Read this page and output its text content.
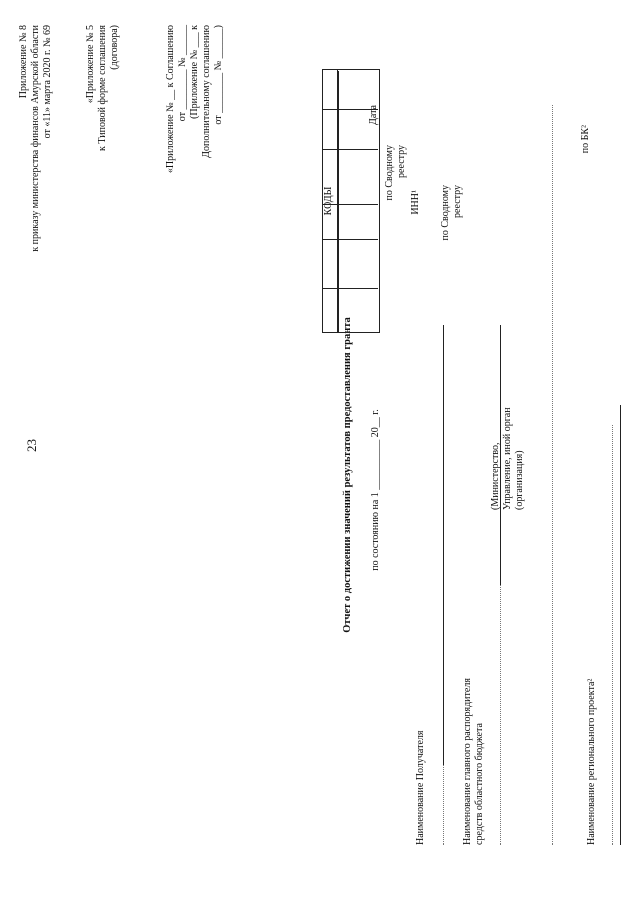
23
Приложение № 8 к приказу министерства финансов Амурской области от «11» марта 2020 г. № 69	«Приложение № 5 к Типовой форме соглашения (договора)	«Приложение № __ к Соглашению от ________ № ______ (Приложение № ___ к Дополнительному соглашению от ________ № ______)
Отчет о достижении значений результатов предоставления гранта по состоянию на 1 __________ 20__ г.
КОДЫ
Дата
по Сводному реестру
ИНН¹ по Сводному реестру
по БК²
Наименование Получателя	Наименование главного распорядителя средств областного бюджета
(Министерство, Управление, иной орган (организация)
Наименование регионального проекта²
